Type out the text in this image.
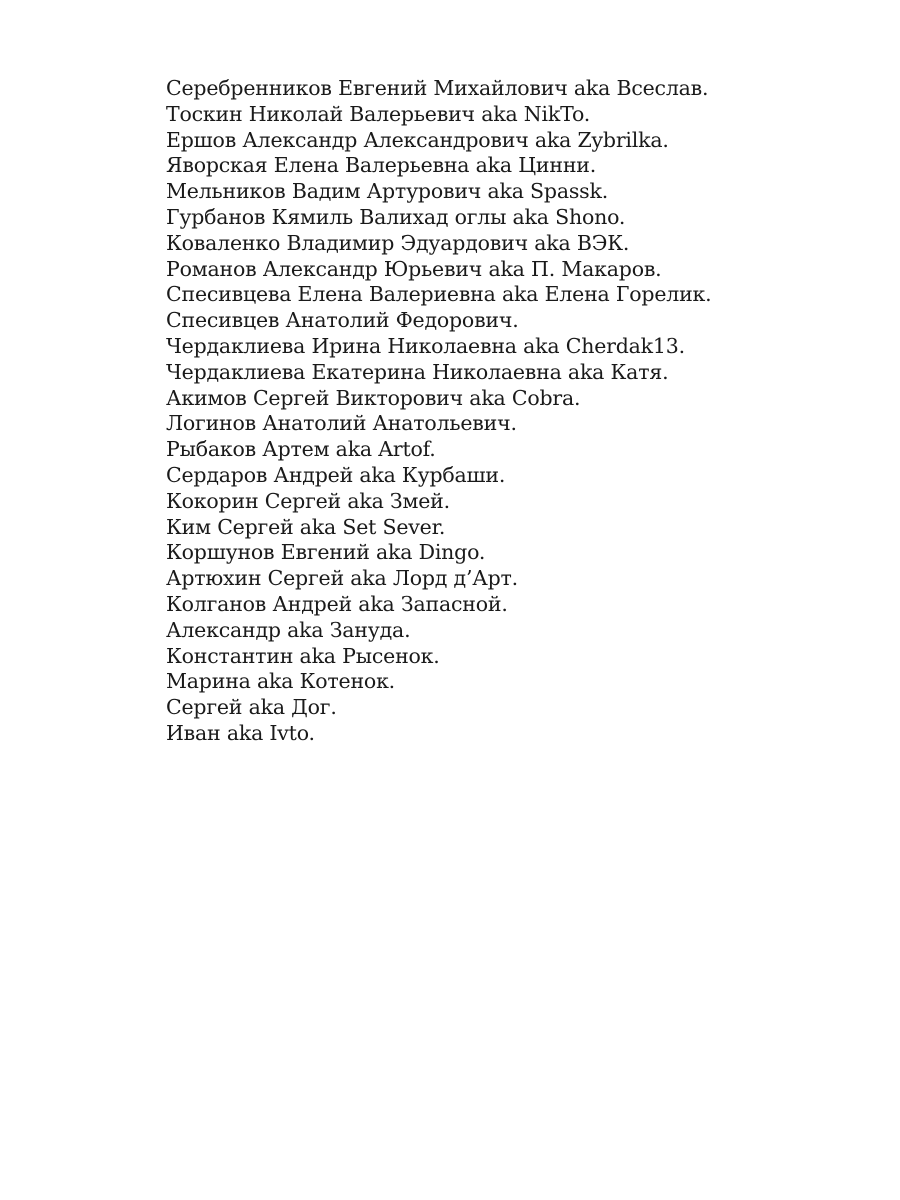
Серебренников Евгений Михайлович aka Всеслав.
Тоскин Николай Валерьевич aka NikTo.
Ершов Александр Александрович aka Zybrilka.
Яворская Елена Валерьевна aka Цинни.
Мельников Вадим Артурович aka Spassk.
Гурбанов Кямиль Валихад оглы aka Shono.
Коваленко Владимир Эдуардович aka ВЭК.
Романов Александр Юрьевич aka П. Макаров.
Спесивцева Елена Валериевна aka Елена Горелик.
Спесивцев Анатолий Федорович.
Чердаклиева Ирина Николаевна aka Cherdak13.
Чердаклиева Екатерина Николаевна aka Катя.
Акимов Сергей Викторович aka Cobra.
Логинов Анатолий Анатольевич.
Рыбаков Артем aka Artof.
Сердаров Андрей aka Курбаши.
Кокорин Сергей aka Змей.
Ким Сергей aka Set Sever.
Коршунов Евгений aka Dingo.
Артюхин Сергей aka Лорд д’Арт.
Колганов Андрей aka Запасной.
Александр aka Зануда.
Константин aka Рысенок.
Марина aka Котенок.
Сергей aka Дог.
Иван aka Ivto.
